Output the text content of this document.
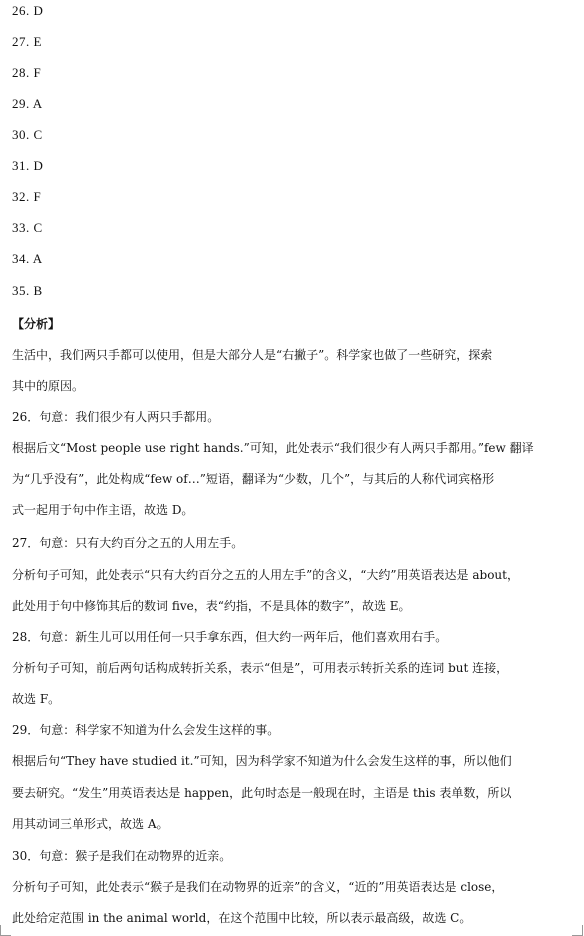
26. D
27. E
28. F
29. A
30. C
31. D
32. F
33. C
34. A
35. B
【分析】
生活中，我们两只手都可以使用，但是大部分人是“右撇子”。科学家也做了一些研究，探索
其中的原因。
26．句意：我们很少有人两只手都用。
根据后文“Most people use right hands.”可知，此处表示“我们很少有人两只手都用。”few 翻译
为“几乎没有”，此处构成“few of…”短语，翻译为“少数，几个”，与其后的人称代词宾格形
式一起用于句中作主语，故选 D。
27．句意：只有大约百分之五的人用左手。
分析句子可知，此处表示“只有大约百分之五的人用左手”的含义，“大约”用英语表达是 about，
此处用于句中修饰其后的数词 five，表“约指，不是具体的数字”，故选 E。
28．句意：新生儿可以用任何一只手拿东西，但大约一两年后，他们喜欢用右手。
分析句子可知，前后两句话构成转折关系，表示“但是”，可用表示转折关系的连词 but 连接，
故选 F。
29．句意：科学家不知道为什么会发生这样的事。
根据后句“They have studied it.”可知，因为科学家不知道为什么会发生这样的事，所以他们
要去研究。“发生”用英语表达是 happen，此句时态是一般现在时，主语是 this 表单数，所以
用其动词三单形式，故选 A。
30．句意：猴子是我们在动物界的近亲。
分析句子可知，此处表示“猴子是我们在动物界的近亲”的含义，“近的”用英语表达是 close，
此处给定范围 in the animal world，在这个范围中比较，所以表示最高级，故选 C。
